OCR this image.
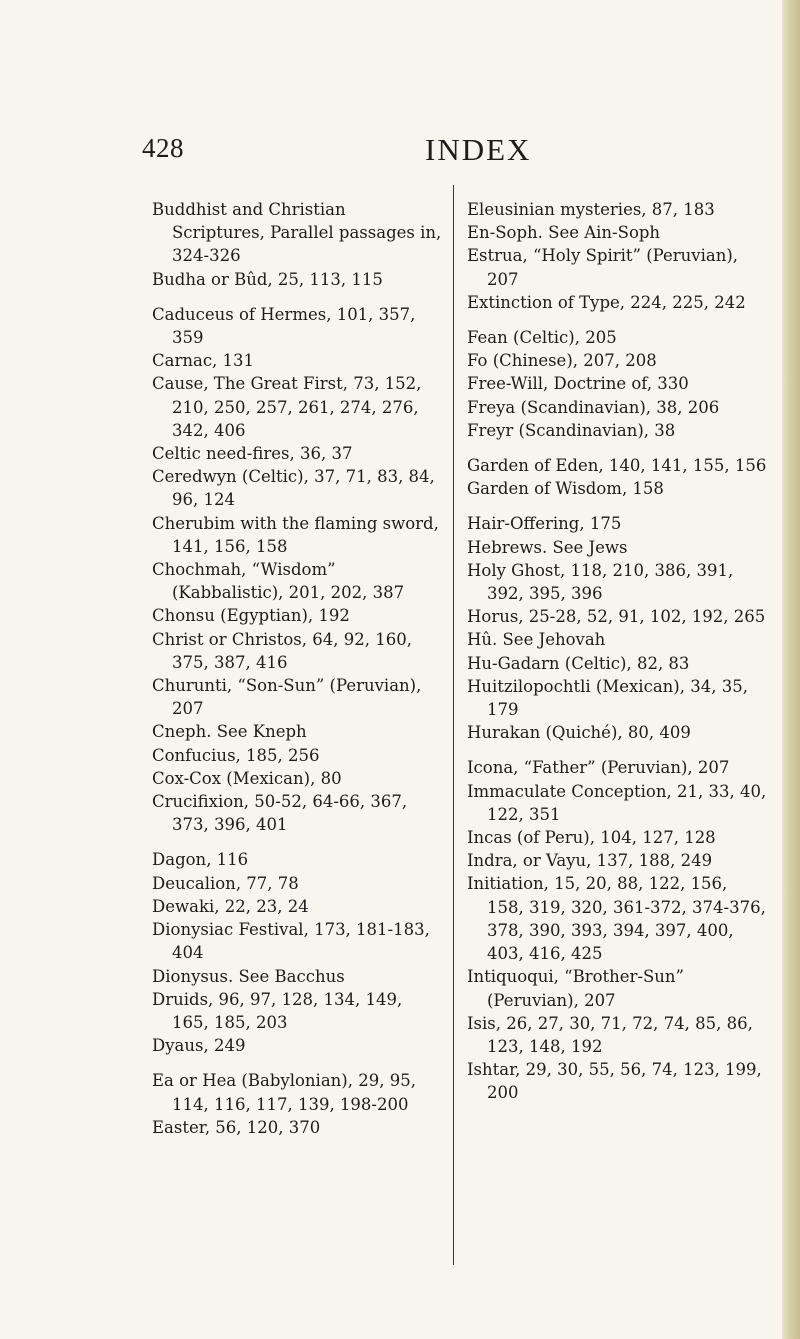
428	INDEX

Buddhist and Christian Scriptures, Parallel passages in, 324-326

Budha or Bûd, 25, 113, 115

Caduceus of Hermes, 101, 357, 359

Carnac, 131

Cause, The Great First, 73, 152, 210, 250, 257, 261, 274, 276, 342, 406

Celtic need-fires, 36, 37

Ceredwyn (Celtic), 37, 71, 83, 84, 96, 124

Cherubim with the flaming sword, 141, 156, 158

Chochmah, “Wisdom” (Kabbalistic), 201, 202, 387

Chonsu (Egyptian), 192

Christ or Christos, 64, 92, 160, 375, 387, 416

Churunti, “Son-Sun” (Peruvian), 207

Cneph. See Kneph

Confucius, 185, 256

Cox-Cox (Mexican), 80

Crucifixion, 50-52, 64-66, 367, 373, 396, 401

Dagon, 116

Deucalion, 77, 78

Dewaki, 22, 23, 24

Dionysiac Festival, 173, 181-183, 404

Dionysus. See Bacchus

Druids, 96, 97, 128, 134, 149, 165, 185, 203

Dyaus, 249

Ea or Hea (Babylonian), 29, 95, 114, 116, 117, 139, 198-200

Easter, 56, 120, 370

Eleusinian mysteries, 87, 183

En-Soph. See Ain-Soph

Estrua, “Holy Spirit” (Peruvian), 207

Extinction of Type, 224, 225, 242

Fean (Celtic), 205

Fo (Chinese), 207, 208

Free-Will, Doctrine of, 330

Freya (Scandinavian), 38, 206

Freyr (Scandinavian), 38

Garden of Eden, 140, 141, 155, 156

Garden of Wisdom, 158

Hair-Offering, 175

Hebrews. See Jews

Holy Ghost, 118, 210, 386, 391, 392, 395, 396

Horus, 25-28, 52, 91, 102, 192, 265

Hû. See Jehovah

Hu-Gadarn (Celtic), 82, 83

Huitzilopochtli (Mexican), 34, 35, 179

Hurakan (Quiché), 80, 409

Icona, “Father” (Peruvian), 207

Immaculate Conception, 21, 33, 40, 122, 351

Incas (of Peru), 104, 127, 128

Indra, or Vayu, 137, 188, 249

Initiation, 15, 20, 88, 122, 156, 158, 319, 320, 361-372, 374-376, 378, 390, 393, 394, 397, 400, 403, 416, 425

Intiquoqui, “Brother-Sun” (Peruvian), 207

Isis, 26, 27, 30, 71, 72, 74, 85, 86, 123, 148, 192

Ishtar, 29, 30, 55, 56, 74, 123, 199, 200
